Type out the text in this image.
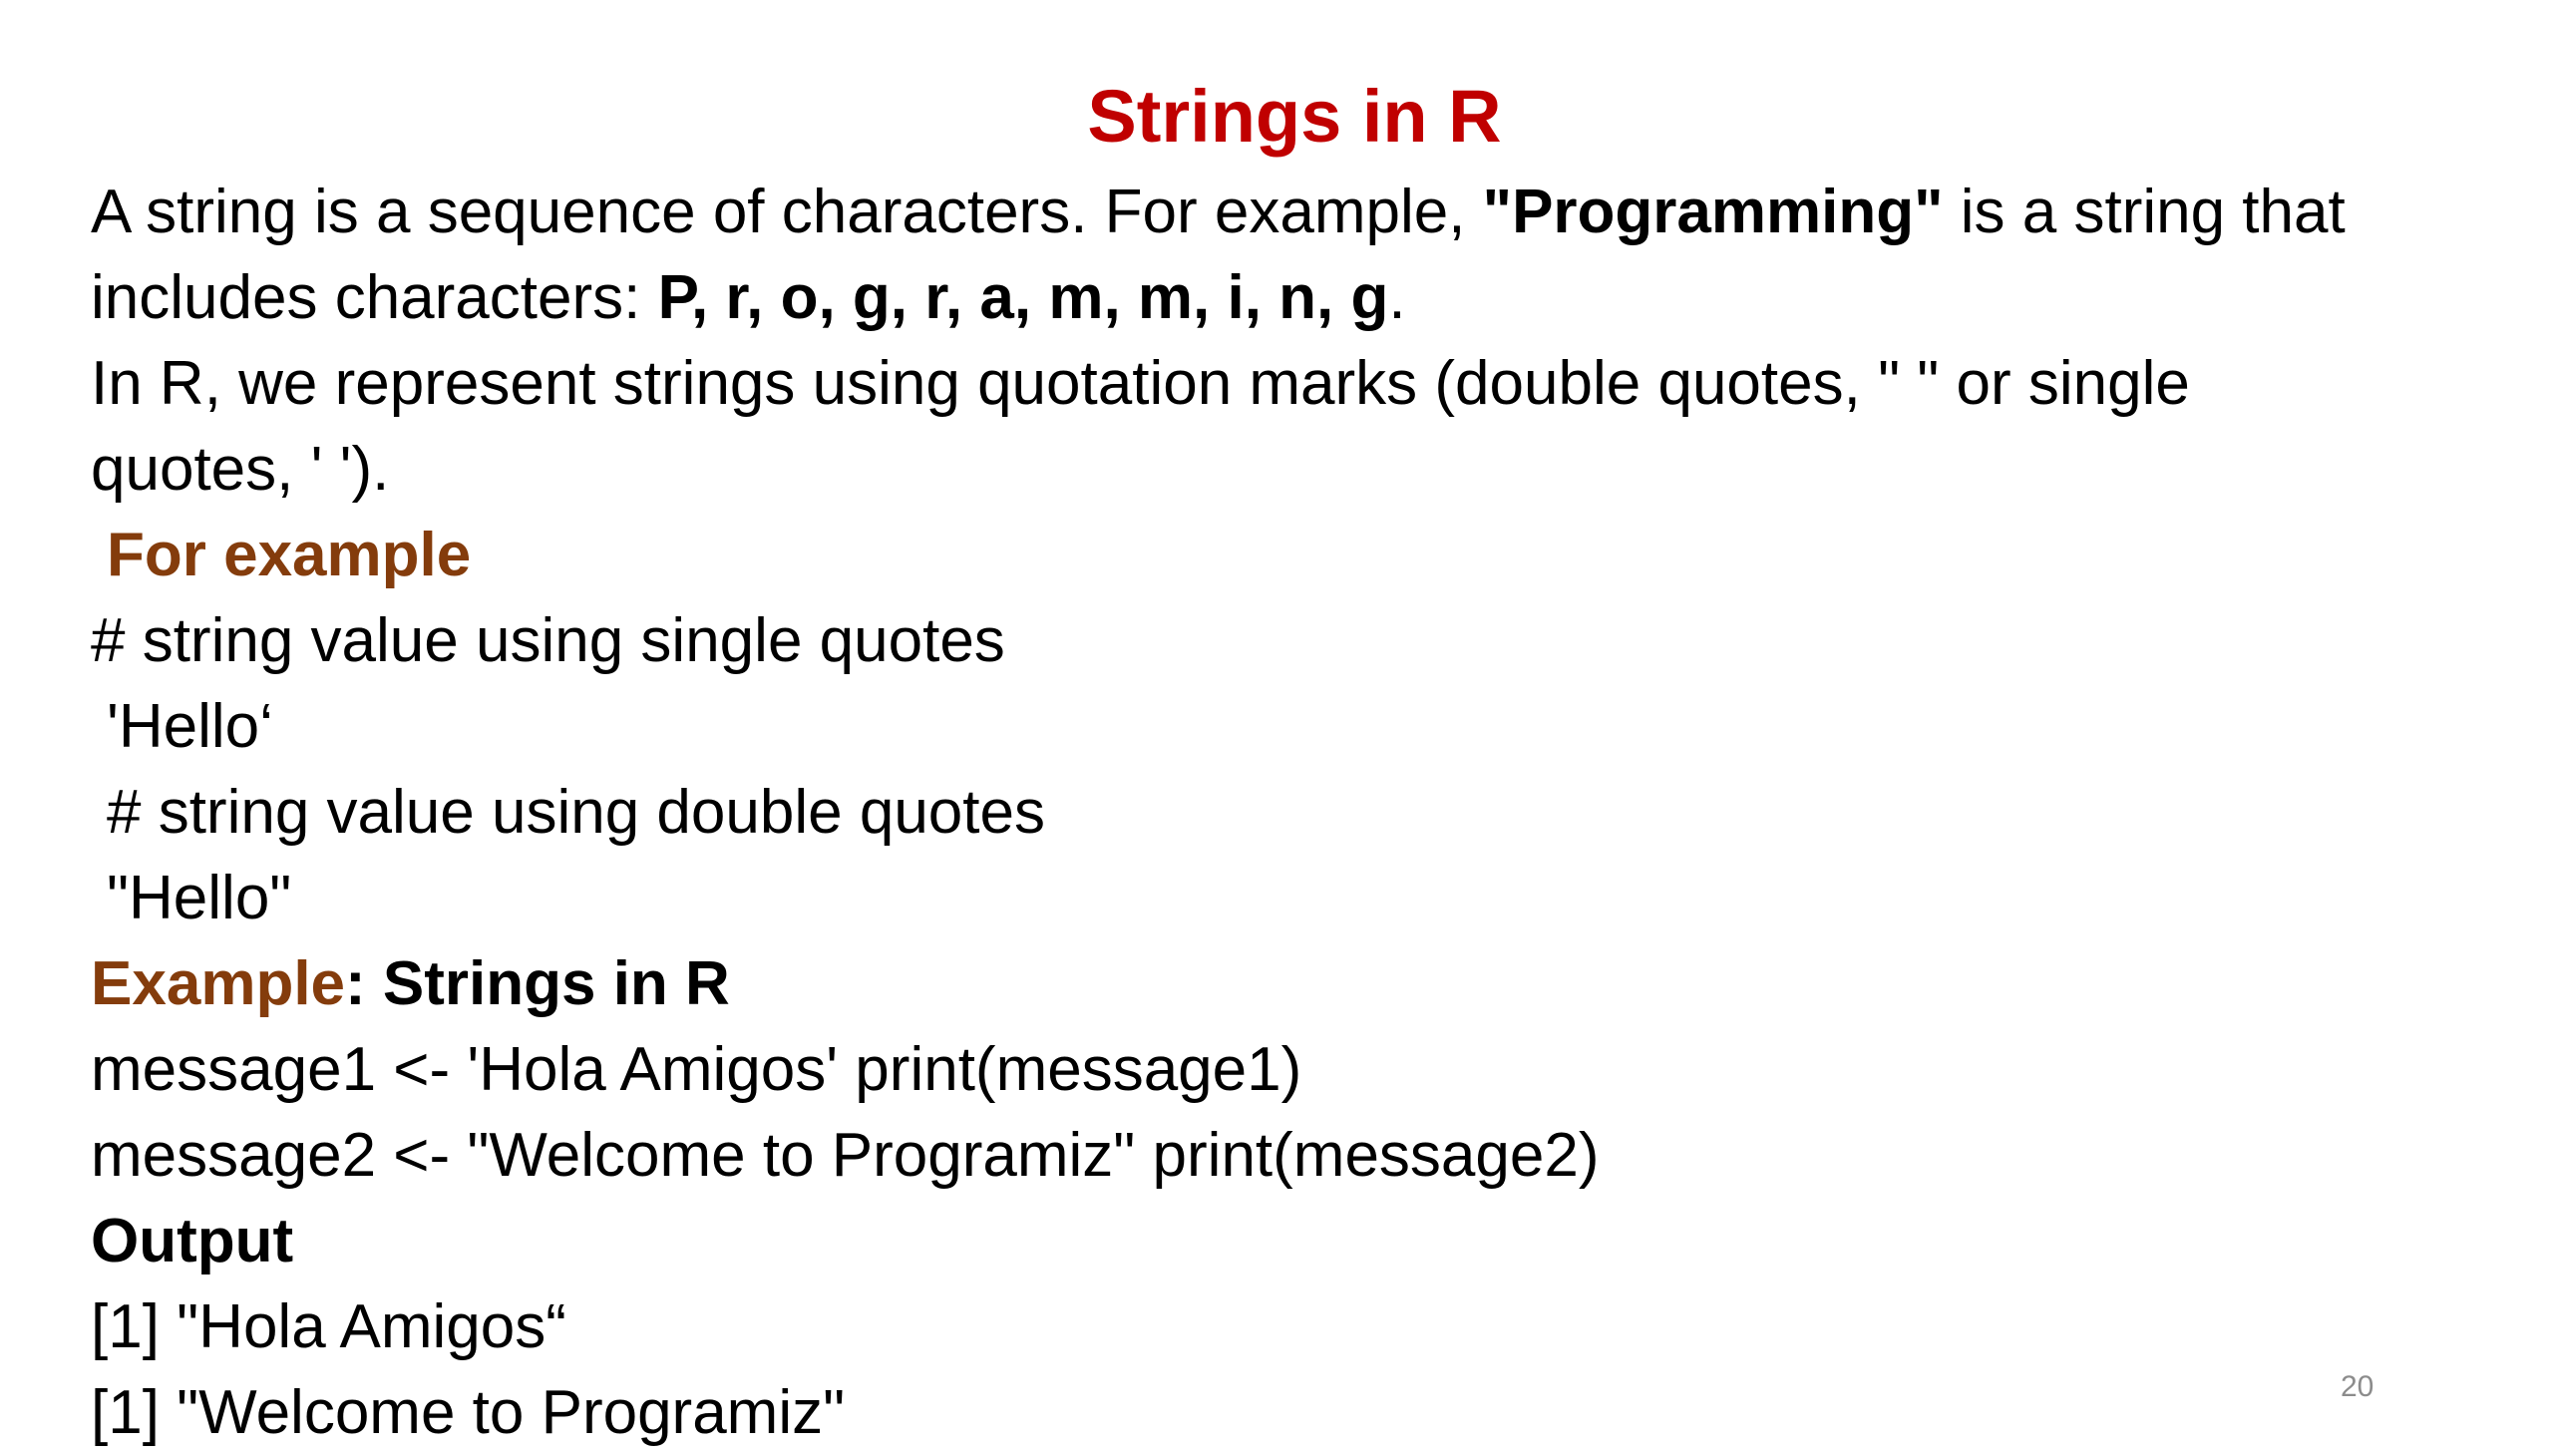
Strings in R
A string is a sequence of characters. For example, "Programming" is a string that
includes characters: P, r, o, g, r, a, m, m, i, n, g.
In R, we represent strings using quotation marks (double quotes, " " or single
quotes, ' ').
For example
# string value using single quotes
'Hello‘
# string value using double quotes
"Hello"
Example: Strings in R
message1 <- 'Hola Amigos' print(message1)
message2 <- "Welcome to Programiz" print(message2)
Output
[1] "Hola Amigos“
[1] "Welcome to Programiz"	20
